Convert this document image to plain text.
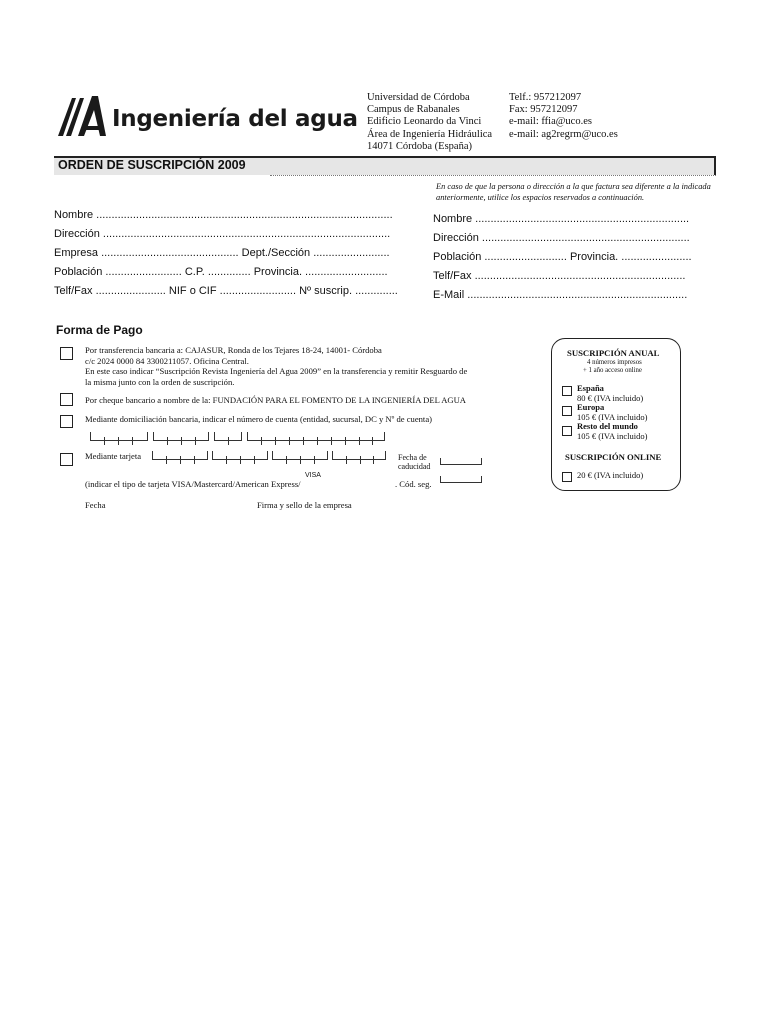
Ingeniería del agua
Universidad de Córdoba
Campus de Rabanales
Edificio Leonardo da Vinci
Área de Ingeniería Hidráulica
14071 Córdoba (España)
Telf.: 957212097
Fax: 957212097
e-mail: ffia@uco.es
e-mail: ag2regrm@uco.es
ORDEN DE SUSCRIPCIÓN 2009
En caso de que la persona o dirección a la que factura sea diferente a la indicada anteriormente, utilice los espacios reservados a continuación.
Nombre .................................................................................................
Dirección ..............................................................................................
Empresa ............................................. Dept./Sección .........................
Población ......................... C.P. .............. Provincia. ...........................
Telf/Fax ....................... NIF o CIF ......................... Nº suscrip. ..............
Nombre ......................................................................
Dirección ....................................................................
Población ........................... Provincia. .......................
Telf/Fax .....................................................................
E-Mail ........................................................................
Forma de Pago
Por transferencia bancaria a: CAJASUR, Ronda de los Tejares 18-24, 14001- Córdoba
c/c 2024 0000 84 3300211057. Oficina Central.
En este caso indicar “Suscripción Revista Ingeniería del Agua 2009” en la transferencia y remitir Resguardo de
la misma junto con la orden de suscripción.
Por cheque bancario a nombre de la: FUNDACIÓN PARA EL FOMENTO DE LA INGENIERÍA DEL AGUA
Mediante domiciliación bancaria, indicar el número de cuenta (entidad, sucursal, DC y Nº de cuenta)
Mediante tarjeta	Fecha de
caducidad
(indicar el tipo de tarjeta VISA/Mastercard/American Express/
VISA
. Cód. seg.
Fecha	Firma y sello de la empresa
SUSCRIPCIÓN ANUAL
4 números impresos
+ 1 año acceso online
España
80 € (IVA incluido)
Europa
105 € (IVA incluido)
Resto del mundo
105 € (IVA incluido)
SUSCRIPCIÓN ONLINE
20 € (IVA incluido)
